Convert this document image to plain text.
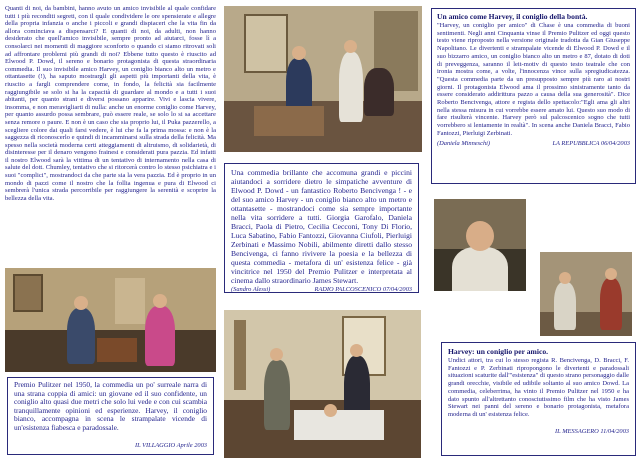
Quanti di noi, da bambini, hanno avuto un amico invisibile al quale confidare tutti i più reconditi segreti, con il quale condividere le ore spensierate e allegre della propria infanzia o anche i piccoli e grandi dispiaceri che la vita fin da allora cominciava a dispensarci? E quanti di noi, da adulti, non hanno desiderato che quell'amico invisibile, sempre pronto ad aiutarci, fosse lì a consolarci nei momenti di maggiore sconforto o quando ci siamo ritrovati soli ad affrontare problemi più grandi di noi? Ebbene tutto questo è riuscito ad Elwood P. Dowd, il sereno e bonario protagonista di questa straordinaria commedia. Il suo invisibile amico Harvey, un coniglio bianco alto un metro e ottantasette (!), ha saputo mostrargli gli aspetti più importanti della vita, è riuscito a fargli comprendere come, in fondo, la felicità sia facilmente raggiungibile se solo si ha la capacità di guardare al mondo e a tutti i suoi abitanti, per quanto strani e diversi possano apparire. Vivi e lascia vivere, insomma, e non meravigliarti di nulla: anche un enorme coniglio come Harvey, per quanto assurdo possa sembrare, può essere reale, se solo lo si sa accettare senza remore o paure. E non è un caso che sia proprio lui, il Puka pazzerello, a scegliere colore dai quali farsi vedere, è lui che fa la prima mossa: e non è la saggezza di riconoscerlo e quindi di incamminarsi sulla strada della felicità. Ma spesso nella società moderna certi atteggiamenti di altruismo, di solidarietà, di disinteresse per il denaro vengono frainesi e considerati pura pazzia. Ed infatti il nostro Elwood sarà la vittima di un tentativo di internamento nella casa di salute del dott. Chumley, tentativo che si ritorcerà contro lo stesso psichiatra e i suoi "complici", mostrandoci da che parte sia la vera pazzia. Ed è proprio in un mondo di pazzi come il nostro che la follia ingenua e pura di Elwood ci sembrerà l'unica strada percorribile per raggiungere la serenità e scoprire la bellezza della vita.
Un amico come Harvey, il coniglio della bontà.
"Harvey, un coniglio per amico" di Chase è una commedia di buoni sentimenti. Negli anni Cinquanta vinse il Premio Pulitzer ed oggi questo testo viene riproposto nella versione originale tradotta da Gian Giuseppe Napolitano. Le divertenti e strampalate vicende di Elwood P. Dowd e il suo bizzarro amico, un coniglio bianco alto un metro e 87, dotato di doti di preveggenza, saranno il leit-motiv di questo testo teatrale che con ironia mostra come, a volte, l'innocenza vince sulla spregiudicatezza. "Questa commedia parte da un presupposto sempre più raro ai nostri giorni. Il protagonista Elwood ama il prossimo sinistramente tanto da essere considerato addirittura pazzo a causa della sua generosità". Dice Roberto Bencivenga, attore e regista dello spettacolo:"Egli ama gli altri nella stessa misura in cui vorrebbe essere amato lui. Questo suo modo di fare risulterà vincente. Harvey però sul palcoscenico sogno che tutti vorrebbero si lentamente in realtà". In scena anche Daniela Bracci, Fabio Fantozzi, Pierluigi Zerbinati.
(Daniela Minneschi)	LA REPUBBLICA 06/04/2003
Una commedia brillante che accomuna grandi e piccini aiutandoci a sorridere dietro le simpatiche avventure di Elwood P. Dowd - un fantastico Roberto Bencivenga ! - e del suo amico Harvey - un coniglio bianco alto un metro e ottantasette - mostrandoci come sia sempre importante nella vita sorridere a tutti. Giorgia Garofalo, Daniela Bracci, Paola di Pietro, Cecilia Cecconi, Tony Di Florio, Luca Sabatino, Fabio Fantozzi, Giovanna Ciufoli, Pierluigi Zerbinati e Massimo Nobili, abilmente diretti dallo stesso Bencivenga, ci fanno rivivere la poesia e la bellezza di questa commedia - metafora di un' esistenza felice - già vincitrice nel 1950 del Premio Pulitzer e interpretata al cinema dallo straordinario James Stewart.
(Sandro Alessi)	RADIO PALCOSCENICO 07/04/2003
Premio Pulitzer nel 1950, la commedia un po' surreale narra di una strana coppia di amici: un giovane ed il suo confidente, un coniglio alto quasi due metri che solo lui vede e con cui scambia tranquillamente opinioni ed esperienze. Harvey, il coniglio bianco, accompagna in scena le strampalate vicende di un'esistenza fiabesca e paradossale.
IL VILLAGGIO Aprile 2003
Harvey: un coniglio per amico.
Undici attori, tra cui lo stesso regista R. Bencivenga, D. Bracci, F. Fantozzi e P. Zerbinati ripropongono le divertenti e paradossali situazioni scaturite dall'"esistenza" di questo strano personaggio dalle grandi orecchie, visibile ed udibile soltanto al suo amico Dowd. La commedia, celeberrima, ha vinto il Premio Pulitzer nel 1950 e ha dato spunto all'altrettanto conosciutissimo film che ha visto James Stewart nei panni del sereno e bonario protagonista, metafora moderna di un' esistenza felice.
IL MESSAGERO 11/04/2003
